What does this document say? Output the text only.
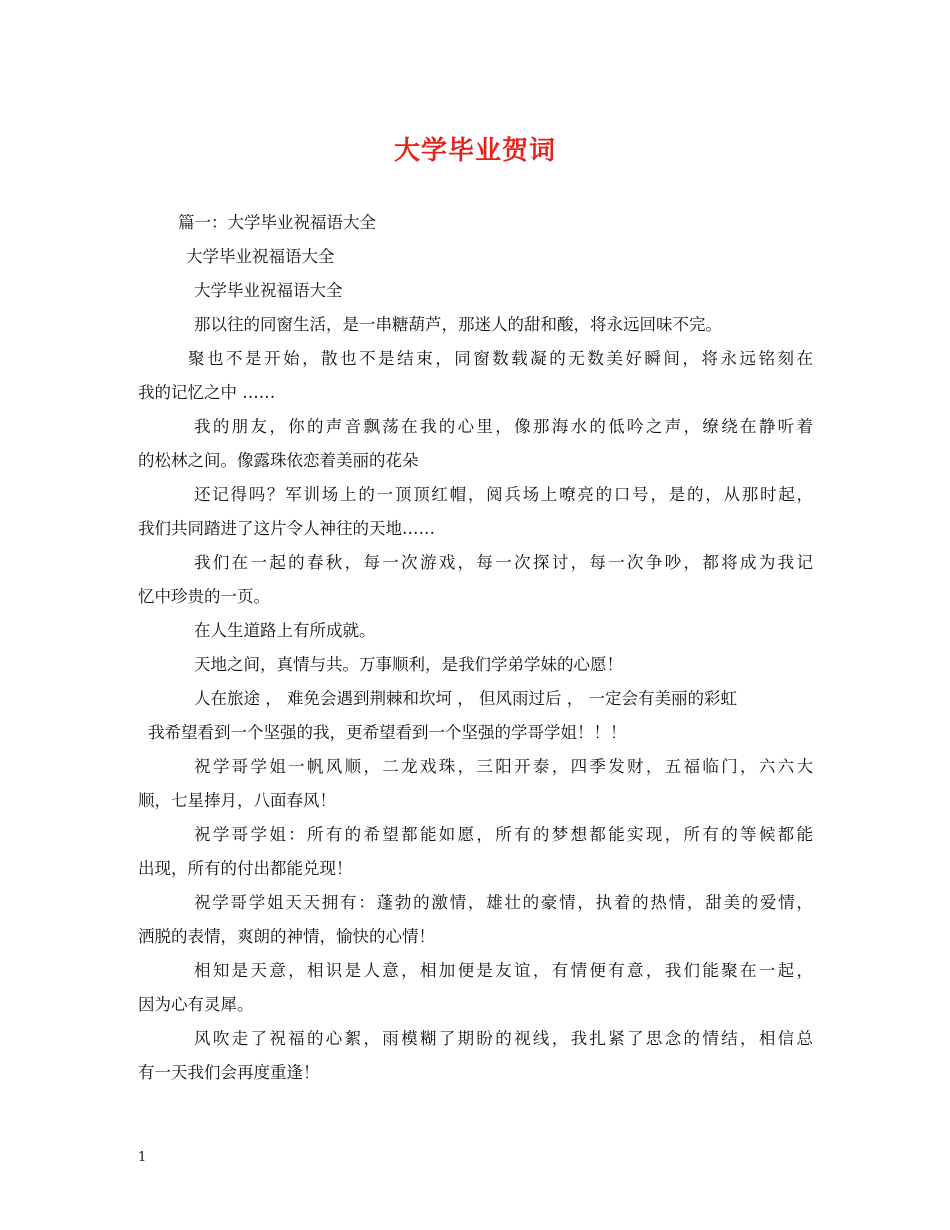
大学毕业贺词
篇一：大学毕业祝福语大全
大学毕业祝福语大全
大学毕业祝福语大全
那以往的同窗生活，是一串糖葫芦，那迷人的甜和酸，将永远回味不完。
聚也不是开始，散也不是结束，同窗数载凝的无数美好瞬间，将永远铭刻在
我的记忆之中 ……
我的朋友，你的声音飘荡在我的心里，像那海水的低吟之声，缭绕在静听着
的松林之间。像露珠依恋着美丽的花朵
还记得吗？军训场上的一顶顶红帽，阅兵场上嘹亮的口号，是的，从那时起，
我们共同踏进了这片令人神往的天地……
我们在一起的春秋，每一次游戏，每一次探讨，每一次争吵，都将成为我记
忆中珍贵的一页。
在人生道路上有所成就。
天地之间，真情与共。万事顺利，是我们学弟学妹的心愿！
人在旅途 ， 难免会遇到荆棘和坎坷 ， 但风雨过后 ， 一定会有美丽的彩虹
我希望看到一个坚强的我，更希望看到一个坚强的学哥学姐！！！
祝学哥学姐一帆风顺，二龙戏珠，三阳开泰，四季发财，五福临门，六六大
顺，七星捧月，八面春风！
祝学哥学姐：所有的希望都能如愿，所有的梦想都能实现，所有的等候都能
出现，所有的付出都能兑现！
祝学哥学姐天天拥有：蓬勃的激情，雄壮的豪情，执着的热情，甜美的爱情，
洒脱的表情，爽朗的神情，愉快的心情！
相知是天意，相识是人意，相加便是友谊，有情便有意，我们能聚在一起，
因为心有灵犀。
风吹走了祝福的心絮，雨模糊了期盼的视线，我扎紧了思念的情结，相信总
有一天我们会再度重逢！
1
